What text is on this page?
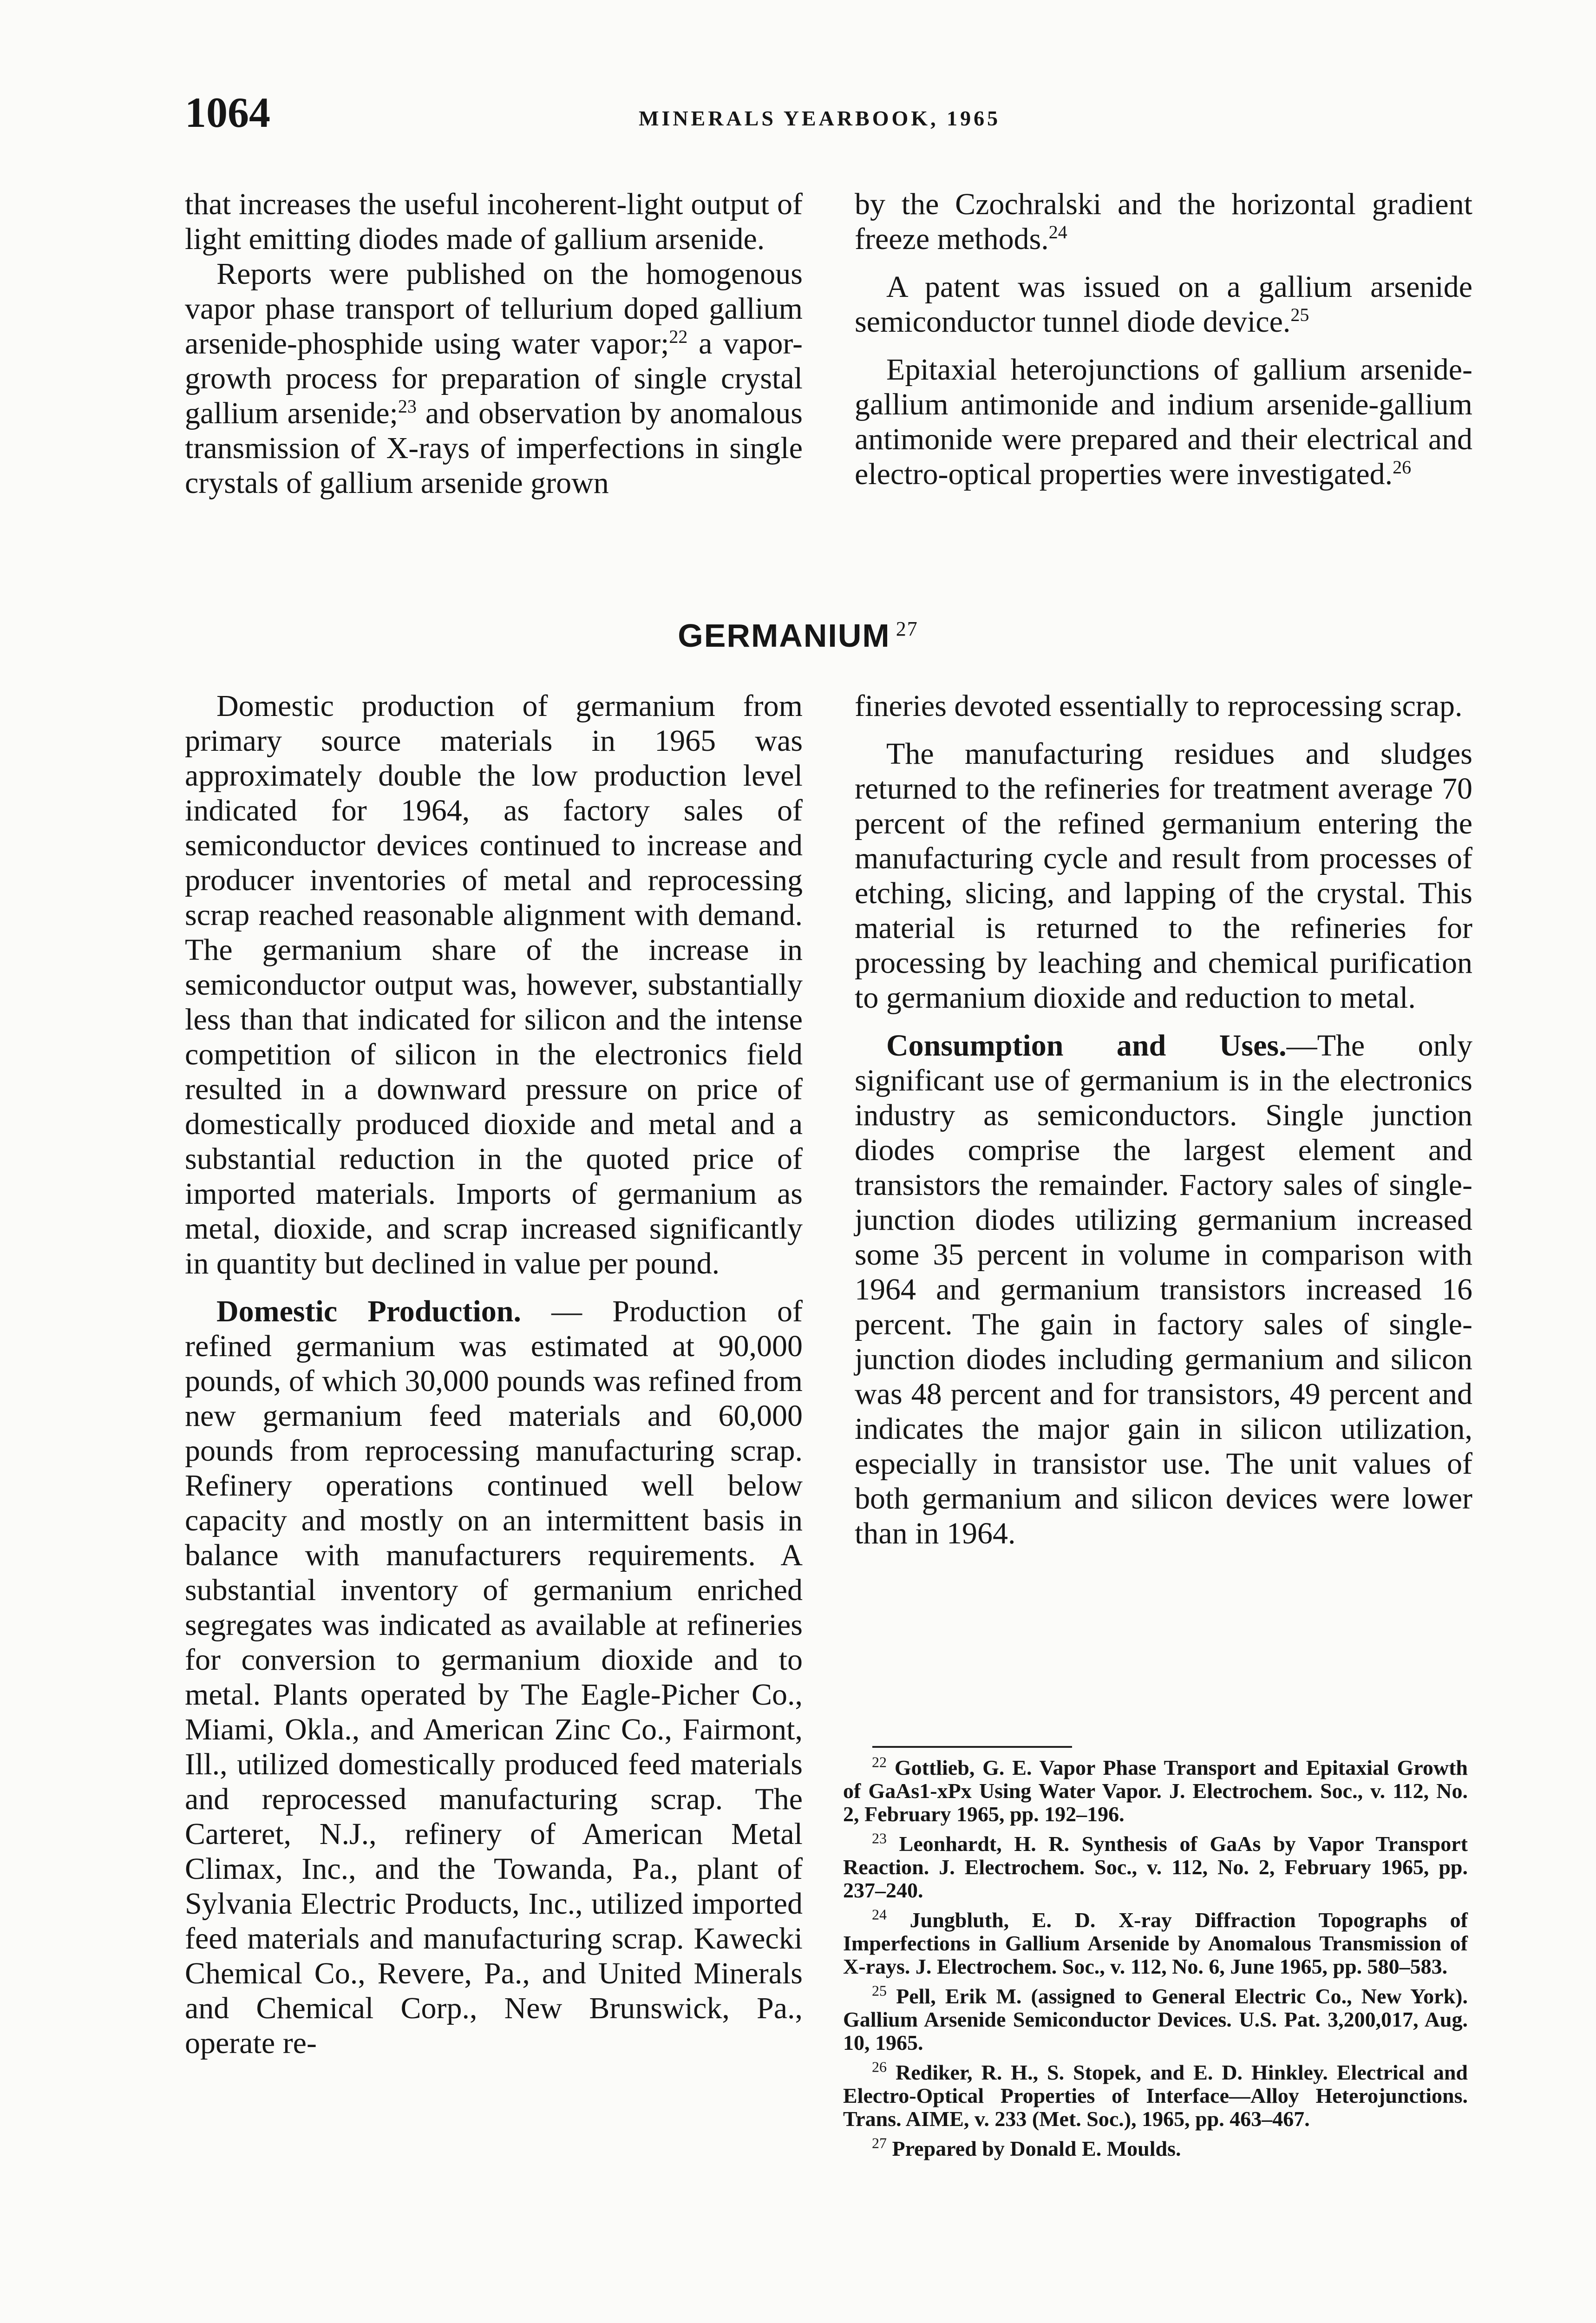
1064	MINERALS YEARBOOK, 1965

that increases the useful incoherent-light output of light emitting diodes made of gallium arsenide.

Reports were published on the homogenous vapor phase transport of tellurium doped gallium arsenide-phosphide using water vapor;$^{22}$ a vapor-growth process for preparation of single crystal gallium arsenide;$^{23}$ and observation by anomalous transmission of X-rays of imperfections in single crystals of gallium arsenide grown

by the Czochralski and the horizontal gradient freeze methods.$^{24}$

A patent was issued on a gallium arsenide semiconductor tunnel diode device.$^{25}$

Epitaxial heterojunctions of gallium arsenide-gallium antimonide and indium arsenide-gallium antimonide were prepared and their electrical and electro-optical properties were investigated.$^{26}$

GERMANIUM $^{27}$

Domestic production of germanium from primary source materials in 1965 was approximately double the low production level indicated for 1964, as factory sales of semiconductor devices continued to increase and producer inventories of metal and reprocessing scrap reached reasonable alignment with demand. The germanium share of the increase in semiconductor output was, however, substantially less than that indicated for silicon and the intense competition of silicon in the electronics field resulted in a downward pressure on price of domestically produced dioxide and metal and a substantial reduction in the quoted price of imported materials. Imports of germanium as metal, dioxide, and scrap increased significantly in quantity but declined in value per pound.

Domestic Production. — Production of refined germanium was estimated at 90,000 pounds, of which 30,000 pounds was refined from new germanium feed materials and 60,000 pounds from reprocessing manufacturing scrap. Refinery operations continued well below capacity and mostly on an intermittent basis in balance with manufacturers requirements. A substantial inventory of germanium enriched segregates was indicated as available at refineries for conversion to germanium dioxide and to metal. Plants operated by The Eagle-Picher Co., Miami, Okla., and American Zinc Co., Fairmont, Ill., utilized domestically produced feed materials and reprocessed manufacturing scrap. The Carteret, N.J., refinery of American Metal Climax, Inc., and the Towanda, Pa., plant of Sylvania Electric Products, Inc., utilized imported feed materials and manufacturing scrap. Kawecki Chemical Co., Revere, Pa., and United Minerals and Chemical Corp., New Brunswick, Pa., operate re-

fineries devoted essentially to reprocessing scrap.

The manufacturing residues and sludges returned to the refineries for treatment average 70 percent of the refined germanium entering the manufacturing cycle and result from processes of etching, slicing, and lapping of the crystal. This material is returned to the refineries for processing by leaching and chemical purification to germanium dioxide and reduction to metal.

Consumption and Uses.—The only significant use of germanium is in the electronics industry as semiconductors. Single junction diodes comprise the largest element and transistors the remainder. Factory sales of single-junction diodes utilizing germanium increased some 35 percent in volume in comparison with 1964 and germanium transistors increased 16 percent. The gain in factory sales of single-junction diodes including germanium and silicon was 48 percent and for transistors, 49 percent and indicates the major gain in silicon utilization, especially in transistor use. The unit values of both germanium and silicon devices were lower than in 1964.

$^{22}$ Gottlieb, G. E. Vapor Phase Transport and Epitaxial Growth of GaAs1-xPx Using Water Vapor. J. Electrochem. Soc., v. 112, No. 2, February 1965, pp. 192–196.

$^{23}$ Leonhardt, H. R. Synthesis of GaAs by Vapor Transport Reaction. J. Electrochem. Soc., v. 112, No. 2, February 1965, pp. 237–240.

$^{24}$ Jungbluth, E. D. X-ray Diffraction Topographs of Imperfections in Gallium Arsenide by Anomalous Transmission of X-rays. J. Electrochem. Soc., v. 112, No. 6, June 1965, pp. 580–583.

$^{25}$ Pell, Erik M. (assigned to General Electric Co., New York). Gallium Arsenide Semiconductor Devices. U.S. Pat. 3,200,017, Aug. 10, 1965.

$^{26}$ Rediker, R. H., S. Stopek, and E. D. Hinkley. Electrical and Electro-Optical Properties of Interface—Alloy Heterojunctions. Trans. AIME, v. 233 (Met. Soc.), 1965, pp. 463–467.

$^{27}$ Prepared by Donald E. Moulds.
